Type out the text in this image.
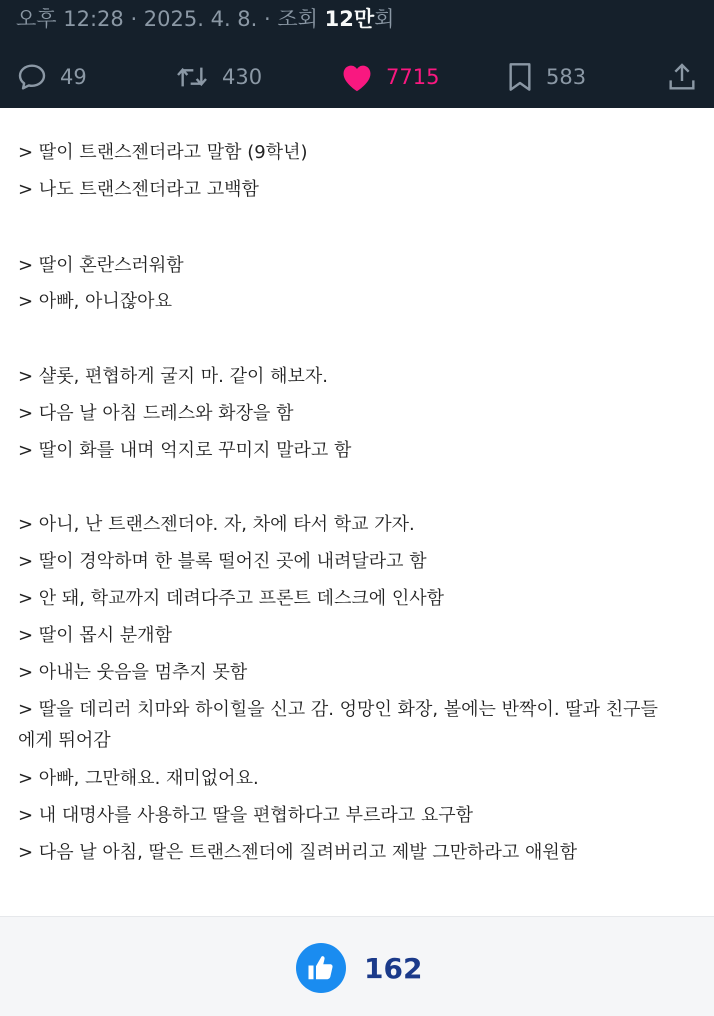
오후 12:28 · 2025. 4. 8. · 조회 12만회
49	430	7715	583
> 딸이 트랜스젠더라고 말함 (9학년)
> 나도 트랜스젠더라고 고백함
> 딸이 혼란스러워함
> 아빠, 아니잖아요
> 샬롯, 편협하게 굴지 마. 같이 해보자.
> 다음 날 아침 드레스와 화장을 함
> 딸이 화를 내며 억지로 꾸미지 말라고 함
> 아니, 난 트랜스젠더야. 자, 차에 타서 학교 가자.
> 딸이 경악하며 한 블록 떨어진 곳에 내려달라고 함
> 안 돼, 학교까지 데려다주고 프론트 데스크에 인사함
> 딸이 몹시 분개함
> 아내는 웃음을 멈추지 못함
> 딸을 데리러 치마와 하이힐을 신고 감. 엉망인 화장, 볼에는 반짝이. 딸과 친구들
에게 뛰어감
> 아빠, 그만해요. 재미없어요.
> 내 대명사를 사용하고 딸을 편협하다고 부르라고 요구함
> 다음 날 아침, 딸은 트랜스젠더에 질려버리고 제발 그만하라고 애원함
162
